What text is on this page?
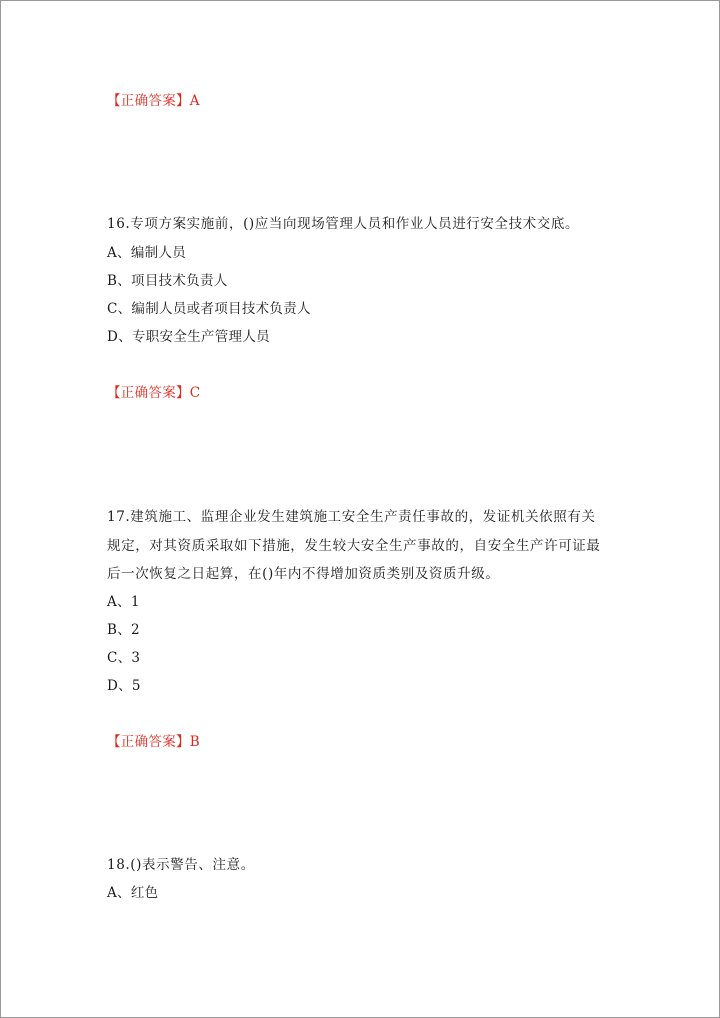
【正确答案】A
16.专项方案实施前，()应当向现场管理人员和作业人员进行安全技术交底。
A、编制人员
B、项目技术负责人
C、编制人员或者项目技术负责人
D、专职安全生产管理人员
【正确答案】C
17.建筑施工、监理企业发生建筑施工安全生产责任事故的，发证机关依照有关
规定，对其资质采取如下措施，发生较大安全生产事故的，自安全生产许可证最
后一次恢复之日起算，在()年内不得增加资质类别及资质升级。
A、1
B、2
C、3
D、5
【正确答案】B
18.()表示警告、注意。
A、红色
